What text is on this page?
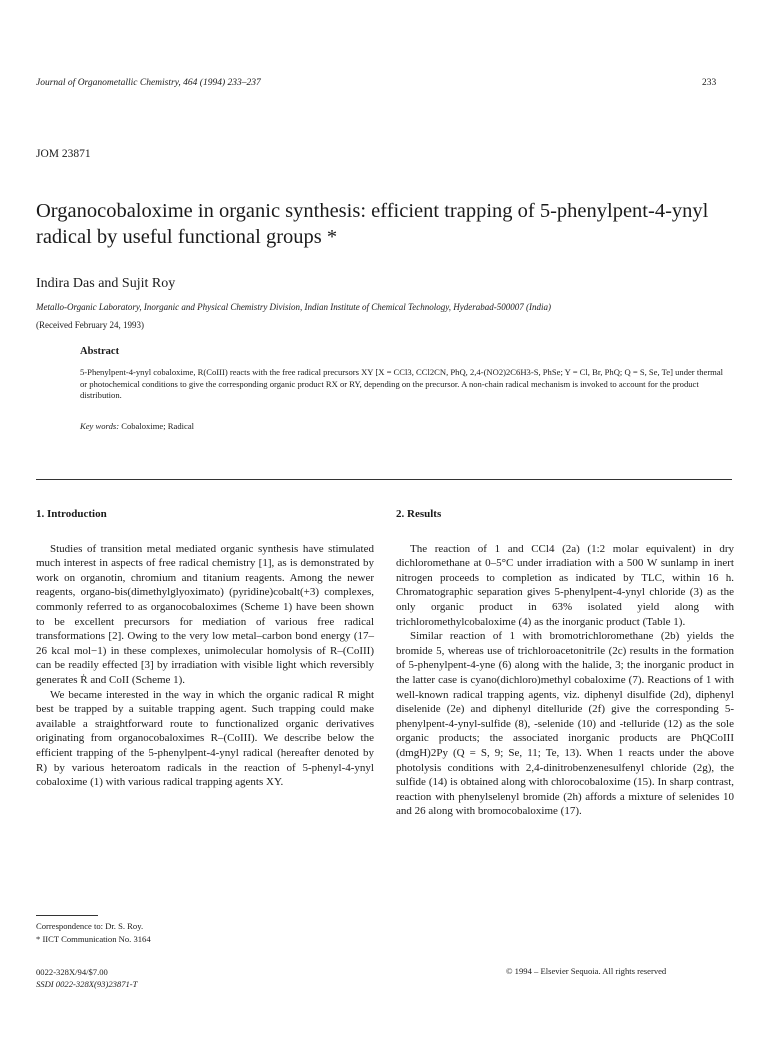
Journal of Organometallic Chemistry, 464 (1994) 233–237	233
JOM 23871
Organocobaloxime in organic synthesis: efficient trapping of 5-phenylpent-4-ynyl radical by useful functional groups *
Indira Das and Sujit Roy
Metallo-Organic Laboratory, Inorganic and Physical Chemistry Division, Indian Institute of Chemical Technology, Hyderabad-500007 (India)
(Received February 24, 1993)
Abstract

5-Phenylpent-4-ynyl cobaloxime, R(CoIII) reacts with the free radical precursors XY [X = CCl3, CCl2CN, PhQ, 2,4-(NO2)2C6H3-S, PhSe; Y = Cl, Br, PhQ; Q = S, Se, Te] under thermal or photochemical conditions to give the corresponding organic product RX or RY, depending on the precursor. A non-chain radical mechanism is invoked to account for the product distribution.

Key words: Cobaloxime; Radical
1. Introduction

Studies of transition metal mediated organic synthesis have stimulated much interest in aspects of free radical chemistry [1], as is demonstrated by work on organotin, chromium and titanium reagents. Among the newer reagents, organo-bis(dimethylglyoximato) (pyridine)cobalt(+3) complexes, commonly referred to as organocobaloximes (Scheme 1) have been shown to be excellent precursors for mediation of various free radical transformations [2]. Owing to the very low metal–carbon bond energy (17–26 kcal mol−1) in these complexes, unimolecular homolysis of R–(CoIII) can be readily effected [3] by irradiation with visible light which reversibly generates Ṙ and CoII (Scheme 1).

We became interested in the way in which the organic radical R might best be trapped by a suitable trapping agent. Such trapping could make available a straightforward route to functionalized organic derivatives originating from organocobaloximes R–(CoIII). We describe below the efficient trapping of the 5-phenylpent-4-ynyl radical (hereafter denoted by R) by various heteroatom radicals in the reaction of 5-phenyl-4-ynyl cobaloxime (1) with various radical trapping agents XY.

2. Results

The reaction of 1 and CCl4 (2a) (1:2 molar equivalent) in dry dichloromethane at 0–5°C under irradiation with a 500 W sunlamp in inert nitrogen proceeds to completion as indicated by TLC, within 16 h. Chromatographic separation gives 5-phenylpent-4-ynyl chloride (3) as the only organic product in 63% isolated yield along with trichloromethylcobaloxime (4) as the inorganic product (Table 1).

Similar reaction of 1 with bromotrichloromethane (2b) yields the bromide 5, whereas use of trichloroacetonitrile (2c) results in the formation of 5-phenylpent-4-yne (6) along with the halide, 3; the inorganic product in the latter case is cyano(dichloro)methyl cobaloxime (7). Reactions of 1 with well-known radical trapping agents, viz. diphenyl disulfide (2d), diphenyl diselenide (2e) and diphenyl ditelluride (2f) give the corresponding 5-phenylpent-4-ynyl-sulfide (8), -selenide (10) and -telluride (12) as the sole organic products; the associated inorganic products are PhQCoIII (dmgH)2Py (Q = S, 9; Se, 11; Te, 13). When 1 reacts under the above photolysis conditions with 2,4-dinitrobenzenesulfenyl chloride (2g), the sulfide (14) is obtained along with chlorocobaloxime (15). In sharp contrast, reaction with phenylselenyl bromide (2h) affords a mixture of selenides 10 and 26 along with bromocobaloxime (17).

Correspondence to: Dr. S. Roy.
* IICT Communication No. 3164
0022-328X/94/$7.00
SSDI 0022-328X(93)23871-T
© 1994 – Elsevier Sequoia. All rights reserved
